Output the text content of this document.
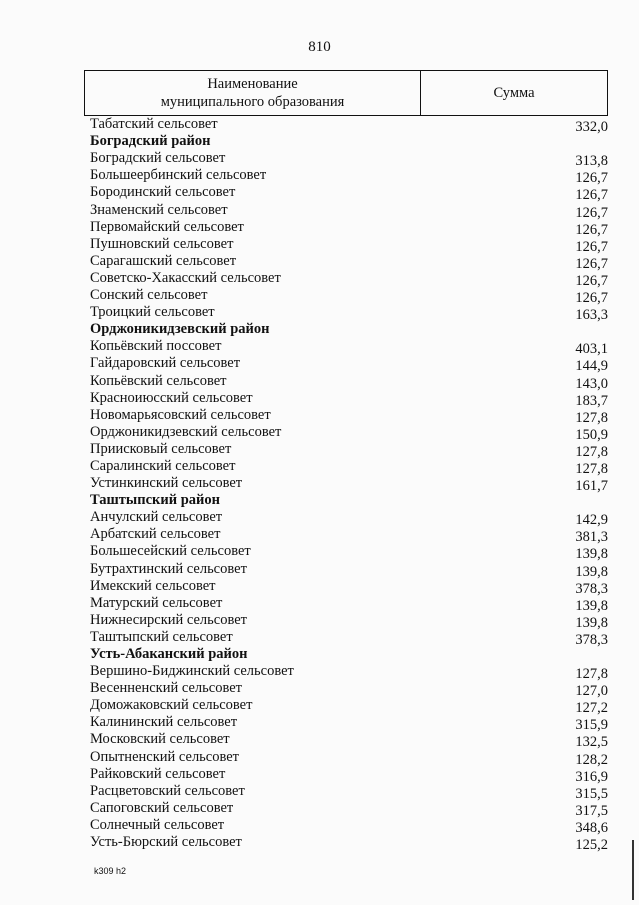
810
Наименование
муниципального образования
Сумма
Табатский сельсовет	332,0
Боградский район
Боградский сельсовет	313,8
Большеербинский сельсовет	126,7
Бородинский сельсовет	126,7
Знаменский сельсовет	126,7
Первомайский сельсовет	126,7
Пушновский сельсовет	126,7
Сарагашский сельсовет	126,7
Советско-Хакасский сельсовет	126,7
Сонский сельсовет	126,7
Троицкий сельсовет	163,3
Орджоникидзевский район
Копьёвский поссовет	403,1
Гайдаровский сельсовет	144,9
Копьёвский сельсовет	143,0
Красноиюсский сельсовет	183,7
Новомарьясовский сельсовет	127,8
Орджоникидзевский сельсовет	150,9
Приисковый сельсовет	127,8
Саралинский сельсовет	127,8
Устинкинский сельсовет	161,7
Таштыпский район
Анчулский сельсовет	142,9
Арбатский сельсовет	381,3
Большесейский сельсовет	139,8
Бутрахтинский сельсовет	139,8
Имекский сельсовет	378,3
Матурский сельсовет	139,8
Нижнесирский сельсовет	139,8
Таштыпский сельсовет	378,3
Усть-Абаканский район
Вершино-Биджинский сельсовет	127,8
Весенненский сельсовет	127,0
Доможаковский сельсовет	127,2
Калининский сельсовет	315,9
Московский сельсовет	132,5
Опытненский сельсовет	128,2
Райковский сельсовет	316,9
Расцветовский сельсовет	315,5
Сапоговский сельсовет	317,5
Солнечный сельсовет	348,6
Усть-Бюрский сельсовет	125,2
k309 h2
